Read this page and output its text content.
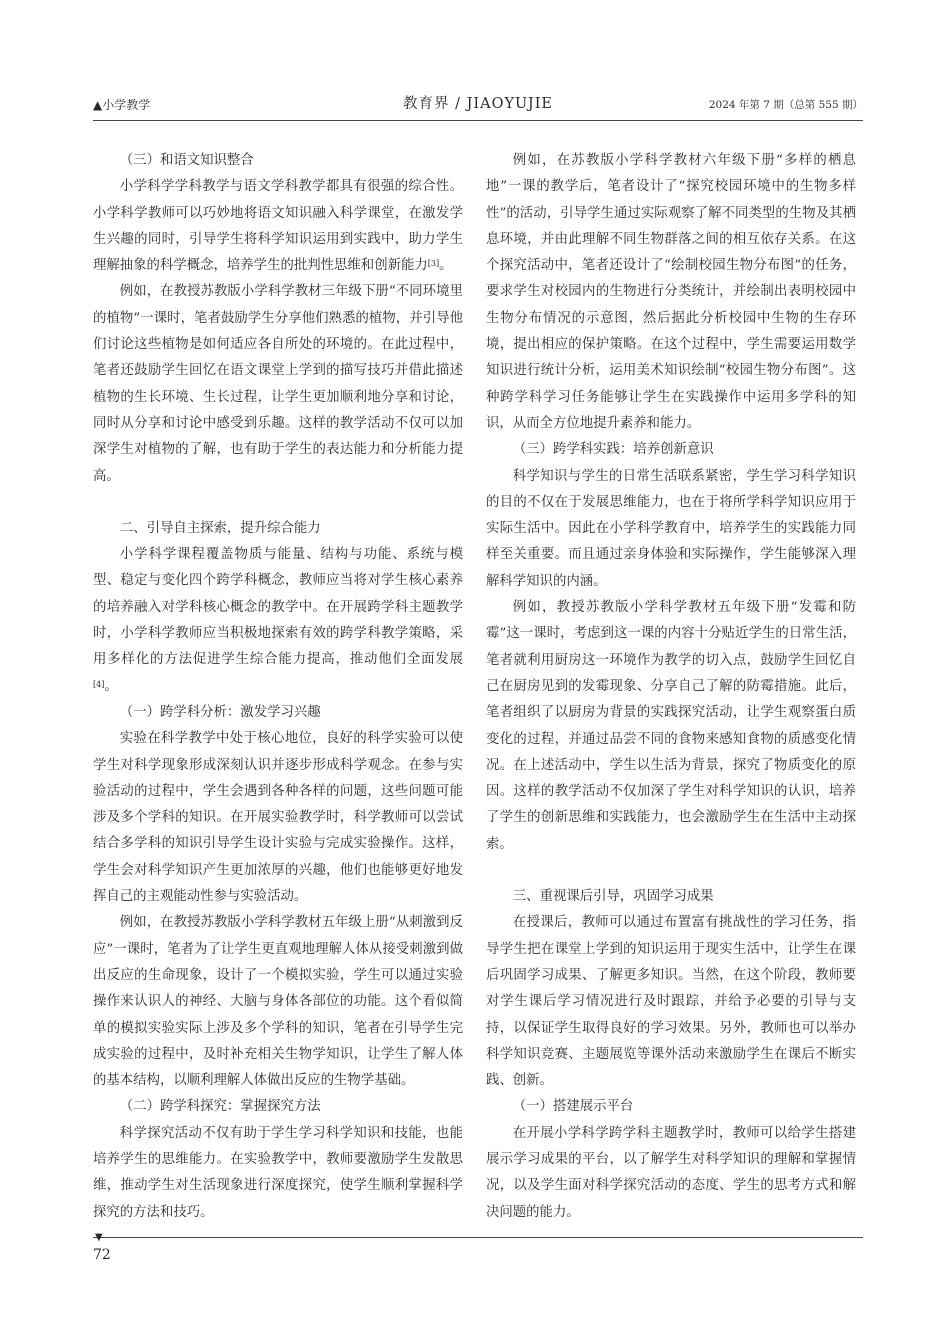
▲小学教学	教育界 / JIAOYUJIE	2024 年第 7 期（总第 555 期）

（三）和语文知识整合

小学科学学科教学与语文学科教学都具有很强的综合性。小学科学教师可以巧妙地将语文知识融入科学课堂，在激发学生兴趣的同时，引导学生将科学知识运用到实践中，助力学生理解抽象的科学概念，培养学生的批判性思维和创新能力[3]。

例如，在教授苏教版小学科学教材三年级下册“不同环境里的植物”一课时，笔者鼓励学生分享他们熟悉的植物，并引导他们讨论这些植物是如何适应各自所处的环境的。在此过程中，笔者还鼓励学生回忆在语文课堂上学到的描写技巧并借此描述植物的生长环境、生长过程，让学生更加顺利地分享和讨论，同时从分享和讨论中感受到乐趣。这样的教学活动不仅可以加深学生对植物的了解，也有助于学生的表达能力和分析能力提高。

二、引导自主探索，提升综合能力

小学科学课程覆盖物质与能量、结构与功能、系统与模型、稳定与变化四个跨学科概念，教师应当将对学生核心素养的培养融入对学科核心概念的教学中。在开展跨学科主题教学时，小学科学教师应当积极地探索有效的跨学科教学策略，采用多样化的方法促进学生综合能力提高，推动他们全面发展[4]。

（一）跨学科分析：激发学习兴趣

实验在科学教学中处于核心地位，良好的科学实验可以使学生对科学现象形成深刻认识并逐步形成科学观念。在参与实验活动的过程中，学生会遇到各种各样的问题，这些问题可能涉及多个学科的知识。在开展实验教学时，科学教师可以尝试结合多学科的知识引导学生设计实验与完成实验操作。这样，学生会对科学知识产生更加浓厚的兴趣，他们也能够更好地发挥自己的主观能动性参与实验活动。

例如，在教授苏教版小学科学教材五年级上册“从刺激到反应”一课时，笔者为了让学生更直观地理解人体从接受刺激到做出反应的生命现象，设计了一个模拟实验，学生可以通过实验操作来认识人的神经、大脑与身体各部位的功能。这个看似简单的模拟实验实际上涉及多个学科的知识，笔者在引导学生完成实验的过程中，及时补充相关生物学知识，让学生了解人体的基本结构，以顺利理解人体做出反应的生物学基础。

（二）跨学科探究：掌握探究方法

科学探究活动不仅有助于学生学习科学知识和技能，也能培养学生的思维能力。在实验教学中，教师要激励学生发散思维，推动学生对生活现象进行深度探究，使学生顺利掌握科学探究的方法和技巧。

例如，在苏教版小学科学教材六年级下册“多样的栖息地”一课的教学后，笔者设计了“探究校园环境中的生物多样性”的活动，引导学生通过实际观察了解不同类型的生物及其栖息环境，并由此理解不同生物群落之间的相互依存关系。在这个探究活动中，笔者还设计了“绘制校园生物分布图”的任务，要求学生对校园内的生物进行分类统计，并绘制出表明校园中生物分布情况的示意图，然后据此分析校园中生物的生存环境，提出相应的保护策略。在这个过程中，学生需要运用数学知识进行统计分析，运用美术知识绘制“校园生物分布图”。这种跨学科学习任务能够让学生在实践操作中运用多学科的知识，从而全方位地提升素养和能力。

（三）跨学科实践：培养创新意识

科学知识与学生的日常生活联系紧密，学生学习科学知识的目的不仅在于发展思维能力，也在于将所学科学知识应用于实际生活中。因此在小学科学教育中，培养学生的实践能力同样至关重要。而且通过亲身体验和实际操作，学生能够深入理解科学知识的内涵。

例如，教授苏教版小学科学教材五年级下册“发霉和防霉”这一课时，考虑到这一课的内容十分贴近学生的日常生活，笔者就利用厨房这一环境作为教学的切入点，鼓励学生回忆自己在厨房见到的发霉现象、分享自己了解的防霉措施。此后，笔者组织了以厨房为背景的实践探究活动，让学生观察蛋白质变化的过程，并通过品尝不同的食物来感知食物的质感变化情况。在上述活动中，学生以生活为背景，探究了物质变化的原因。这样的教学活动不仅加深了学生对科学知识的认识，培养了学生的创新思维和实践能力，也会激励学生在生活中主动探索。

三、重视课后引导，巩固学习成果

在授课后，教师可以通过布置富有挑战性的学习任务，指导学生把在课堂上学到的知识运用于现实生活中，让学生在课后巩固学习成果、了解更多知识。当然，在这个阶段，教师要对学生课后学习情况进行及时跟踪，并给予必要的引导与支持，以保证学生取得良好的学习效果。另外，教师也可以举办科学知识竞赛、主题展览等课外活动来激励学生在课后不断实践、创新。

（一）搭建展示平台

在开展小学科学跨学科主题教学时，教师可以给学生搭建展示学习成果的平台，以了解学生对科学知识的理解和掌握情况，以及学生面对科学探究活动的态度、学生的思考方式和解决问题的能力。

▼
72
